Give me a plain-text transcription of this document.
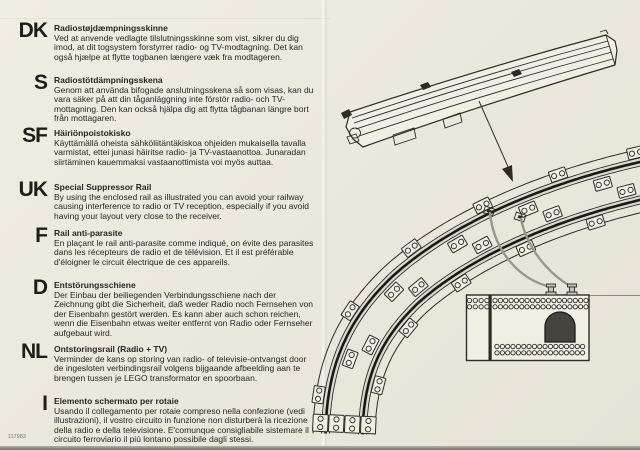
DK Radiostøjdæmpningsskinne
Ved at anvende vedlagte tilslutningsskinne som vist, sikrer du dig imod, at dit togsystem forstyrrer radio- og TV-modtagning. Det kan også hjælpe at flytte togbanen længere væk fra modtageren.
S Radiostötdämpningsskena
Genom att använda bifogade anslutningsskena så som visas, kan du vara säker på att din tåganläggning inte förstör radio- och TV-mottagning. Den kan också hjälpa dig att flytta tågbanan längre bort från mottagaren.
SF Häiriönpoistokisko
Käyttämällä oheista sähköliitäntäkiskoa ohjeiden mukaisella tavalla varmistat, ettei junasi häiritse radio- ja TV-vastaanottoa. Junaradan siirtäminen kauemmaksi vastaanottimista voi myös auttaa.
UK Special Suppressor Rail
By using the enclosed rail as illustrated you can avoid your railway causing interference to radio or TV reception, especially if you avoid having your layout very close to the receiver.
F Rail anti-parasite
En plaçant le rail anti-parasite comme indiqué, on évite des parasites dans les récepteurs de radio et de télévision. Et il est préférable d'éloigner le circuit électrique de ces appareils.
D Entstörungsschiene
Der Einbau der beiliegenden Verbindungsschiene nach der Zeichnung gibt die Sicherheit, daß weder Radio noch Fernsehen von der Eisenbahn gestört werden. Es kann aber auch schon reichen, wenn die Eisenbahn etwas weiter entfernt von Radio oder Fernseher aufgebaut wird.
NL Ontstoringsrail (Radio + TV)
Verminder de kans op storing van radio- of televisie-ontvangst door de ingesloten verbindingsrail volgens bijgaande afbeelding aan te brengen tussen je LEGO transformator en spoorbaan.
I Elemento schermato per rotaie
Usando il collegamento per rotaie compreso nella confezione (vedi illustrazioni), il vostro circuito in funzione non disturberà la ricezione della radio e della televisione. E'comunque consigliabile sistemare il circuito ferroviario il più lontano possibile dagli stessi.
117983
